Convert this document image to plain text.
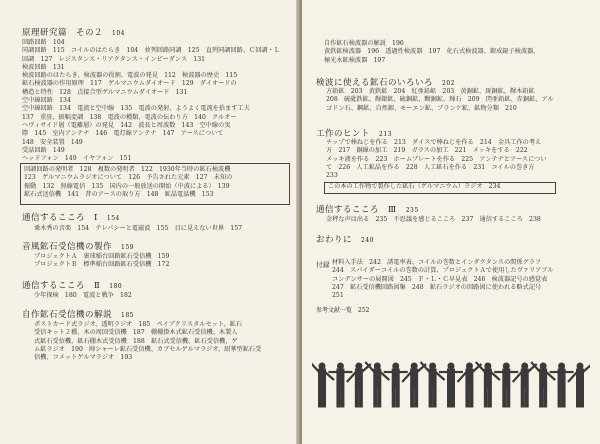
原理研究篇　その２　 104
回路回路　104
同調回路　115　コイルのはたらき　104　並列回路同調　125　直列同調回路、Ｃ回調・Ｌ
回調　127　レジスタンス・リアクタンス・インピーダンス　131
検波回路　131
検波回路のはたらき、検波器の役割、電波の発見　112　検波器の歴史　115
鉱石検波器の作用原理　117　ゲルマニウムダイオード　129　ダイオードの
構造と特性　128　点接合型ゲルマニウムダイオード　131
空中線回路　134
空中線回路　134　電流と空中線　135　電波の発射、ようよく電流を拾ます工夫
137　重畳、振幅変調　138　電波の種類、電波の伝わり方　140　クルオー
ヘヴィサイド層（電離層）の発見　142　波長と周波数　143　空中線の実
際　145　室内アンテナ　146　電灯線アンテナ　147　アースについて
148　安全装置　149
受話回路　149
ヘッドフォン　149　イヤフォン　151
回調回路の発明者　128　複数の発明者　122　1930年当時の鉱石検波機
123　ゲルマニウムラジオについて　126　予告された元素　127　未知の
振動　132　無線電信　135　国内の一般放送の開始（中波による）　139
鉱石式送信機　141　昔のアースの取り方　148　鉱晶電話機　153
通信するこころ　Ⅰ　 154
乗木秀の音楽　154　テレパシーと電磁波　155　目に見えない世界　157
音風鉱石受信機の製作　 159
プロジェクトＡ　裏球稲台回路鉱石受信機　159
プロジェクトＢ　標準稲台回路鉱石受信機　172
通信するこころ　Ⅱ　 180
少年探検　180　電波と戦争　182
自作鉱石受信機の解説　 185
ポストカード式ラジオ、透明ラジオ　185　ペイブクリスタルセット、鉱石
受信キット２種、木の周回受信機　187　棚棚掛木式鉱石受信機、木製人
式鉱石受信機、鉱石棚木式受信機　188　鉱石式受信機、鉱石受信機、ゲ
ム鉱ラジオ　190　陣シャーレ鉱石受信機、カブセルゲルマラジオ、紹華型鉱石受
信機、コメットゲルマラジオ　193
自作鉱石検波器の解説　196
黄鉄鉱検波器　196　透過性検波器　197　化石式検波器、銀成鏡子検波器、
極光永鉱検波器　197
検波に使える鉱石のいろいろ　 202
方鉛鉱　203　黄鉄鉱　204　紅亜鉛鉱　203　黄銅鉱、斑銅鉱、輝木鉛鉱
208　硫砒鉄鉱、輝銀鉱、硫銅鉱、黝銅鉱、輝石　209　閃亜鉛鉱、赤銅鉱、アル
ゴドン石、鋼鉱、自然銀、モーエン鉱、ブランケ鉱、鉱物分類　210
工作のヒント　 213
チップで棒ねじを作る　213　ダイスで棒ねじを作る　214　金具工作の考え
方　217　銅線の加工　219　ガラスの加工　221　メッキをする　222
メッキ液を作る　223　ホームプレートを作る　225　アンテナとアースについ
て　226　人工鉱晶を作る　228　人工鉱石を作る　231　コイルの巻き方
233
この本の工作物で製作した鉱石（ゲルマニウム）ラジオ　234
通信するこころ　Ⅲ　 235
金秤な声は出る　235　不思議を感じるこころ　237　通信するこころ　238
おわりに　 240
付録 材料入手法　242　誘電率表、コイルの巻数とインダクタンスの関係グラフ
244　スパイダーコイルの巻数の計算、プロジェクトＡで使用したヴァリアブル
コンデンサーの展開図　245　Ｆ・Ｌ・Ｃ早見表　246　検波器記号の感覚表
247　鉱石受信機回路図集　248　鉱石ラジオの回路図に使われる略式記号
251
参考文献一覧　252
